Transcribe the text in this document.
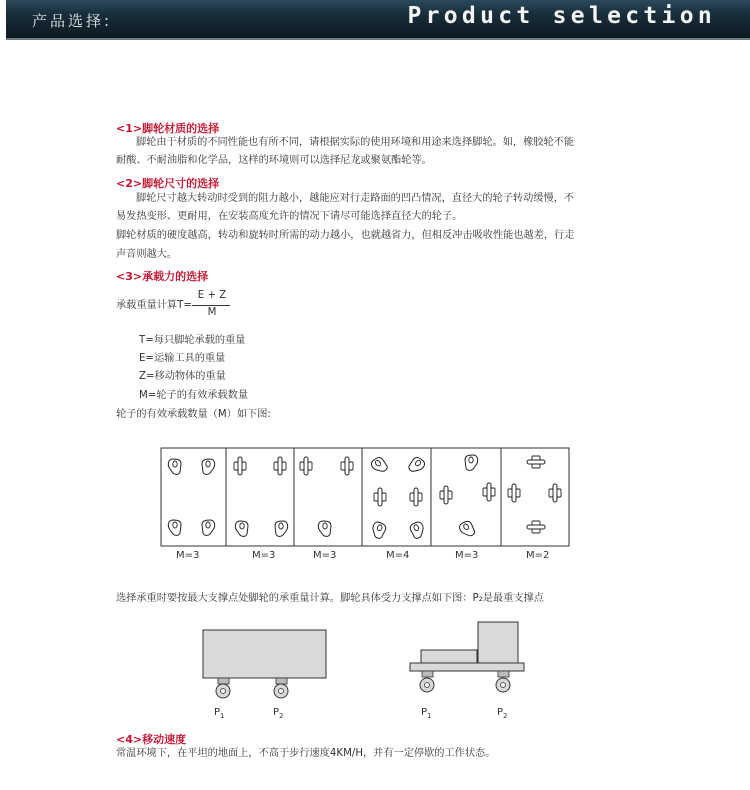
产品选择:	Product selection
<1>脚轮材质的选择

脚轮由于材质的不同性能也有所不同，请根据实际的使用环境和用途来选择脚轮。如，橡胶轮不能

耐酸、不耐油脂和化学品，这样的环境则可以选择尼龙或聚氨酯轮等。

<2>脚轮尺寸的选择

脚轮尺寸越大转动时受到的阻力越小，越能应对行走路面的凹凸情况，直径大的轮子转动缓慢，不

易发热变形、更耐用，在安装高度允许的情况下请尽可能选择直径大的轮子。

脚轮材质的硬度越高，转动和旋转时所需的动力越小，也就越省力，但相反冲击吸收性能也越差，行走

声音则越大。

<3>承载力的选择
承载重量计算T=
E + Z
M
T=每只脚轮承载的重量
E=运输工具的重量
Z=移动物体的重量
M=轮子的有效承载数量
轮子的有效承载数量（M）如下图:
M=3	M=3	M=3	M=4	M=3	M=2
选择承重时要按最大支撑点处脚轮的承重量计算。脚轮具体受力支撑点如下图：P₂是最重支撑点
$P_1$	$P_2$	$P_1$	$P_2$
<4>移动速度
常温环境下，在平坦的地面上，不高于步行速度4KM/H，并有一定停歇的工作状态。
